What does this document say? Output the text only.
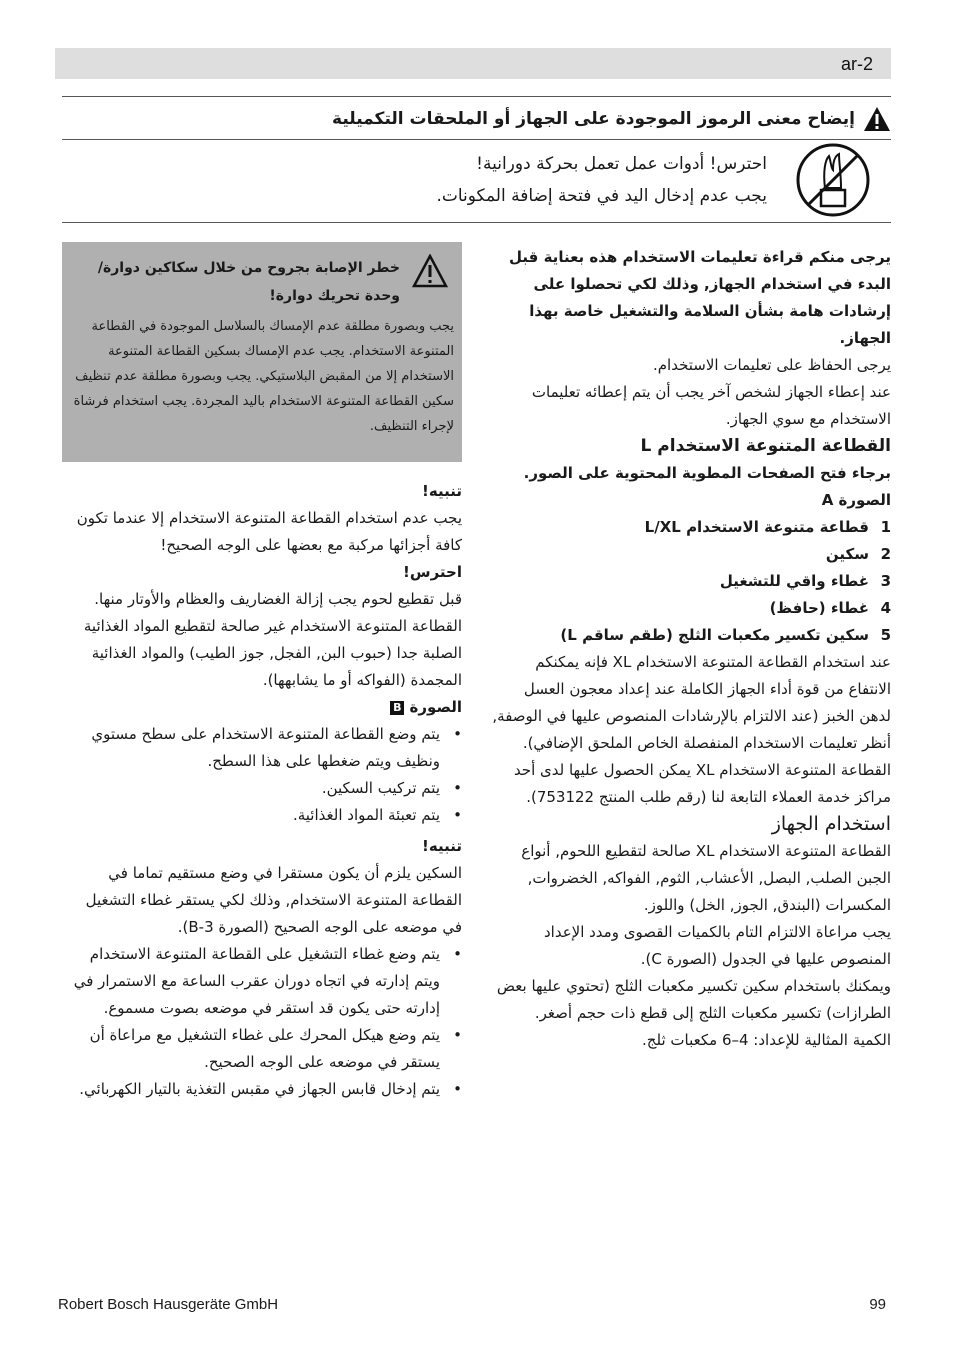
ar-2
إيضاح معنى الرموز الموجودة على الجهاز أو الملحقات التكميلية

احترس! أدوات عمل تعمل بحركة دورانية!

يجب عدم إدخال اليد في فتحة إضافة المكونات.

يرجى منكم قراءة تعليمات الاستخدام هذه بعناية قبل البدء في استخدام الجهاز, وذلك لكي تحصلوا على إرشادات هامة بشأن السلامة والتشغيل خاصة بهذا الجهاز.

يرجى الحفاظ على تعليمات الاستخدام.

عند إعطاء الجهاز لشخص آخر يجب أن يتم إعطائه تعليمات الاستخدام مع سوي الجهاز.

القطاعة المتنوعة الاستخدام L

برجاء فتح الصفحات المطوية المحتوية على الصور.

الصورة A

1
قطاعة متنوعة الاستخدام L/XL
2
سكين
3
غطاء واقي للتشغيل
4
غطاء (حافظ)
5
سكين تكسير مكعبات الثلج (طقم ساقم L)

عند استخدام القطاعة المتنوعة الاستخدام XL فإنه يمكنكم الانتفاع من قوة أداء الجهاز الكاملة عند إعداد معجون العسل لدهن الخبز (عند الالتزام بالإرشادات المنصوص عليها في الوصفة, أنظر تعليمات الاستخدام المنفصلة الخاص الملحق الإضافي).

القطاعة المتنوعة الاستخدام XL يمكن الحصول عليها لدى أحد مراكز خدمة العملاء التابعة لنا (رقم طلب المنتج 753122).

استخدام الجهاز

القطاعة المتنوعة الاستخدام XL صالحة لتقطيع اللحوم, أنواع الجبن الصلب, البصل, الأعشاب, الثوم, الفواكه, الخضروات, المكسرات (البندق, الجوز, الخل) واللوز.

يجب مراعاة الالتزام التام بالكميات القصوى ومدد الإعداد المنصوص عليها في الجدول (الصورة C).

ويمكنك باستخدام سكين تكسير مكعبات الثلج (تحتوي عليها بعض الطرازات) تكسير مكعبات الثلج إلى قطع ذات حجم أصغر. الكمية المثالية للإعداد: 4–6 مكعبات ثلج.

خطر الإصابة بجروح من خلال سكاكين دوارة/وحدة تحريك دوارة!
يجب وبصورة مطلقة عدم الإمساك بالسلاسل الموجودة في القطاعة المتنوعة الاستخدام. يجب عدم الإمساك بسكين القطاعة المتنوعة الاستخدام إلا من المقبض البلاستيكي. يجب وبصورة مطلقة عدم تنظيف سكين القطاعة المتنوعة الاستخدام باليد المجردة. يجب استخدام فرشاة لإجراء التنظيف.

تنبيه!

يجب عدم استخدام القطاعة المتنوعة الاستخدام إلا عندما تكون كافة أجزائها مركبة مع بعضها على الوجه الصحيح!

احترس!

قبل تقطيع لحوم يجب إزالة الغضاريف والعظام والأوتار منها.

القطاعة المتنوعة الاستخدام غير صالحة لتقطيع المواد الغذائية الصلبة جدا (حبوب البن, الفجل, جوز الطيب) والمواد الغذائية المجمدة (الفواكه أو ما يشابهها).

الصورة B

• يتم وضع القطاعة المتنوعة الاستخدام على سطح مستوي ونظيف ويتم ضغطها على هذا السطح.
• يتم تركيب السكين.
• يتم تعبئة المواد الغذائية.

تنبيه!

السكين يلزم أن يكون مستقرا في وضع مستقيم تماما في القطاعة المتنوعة الاستخدام, وذلك لكي يستقر غطاء التشغيل في موضعه على الوجه الصحيح (الصورة 3-B).

• يتم وضع غطاء التشغيل على القطاعة المتنوعة الاستخدام ويتم إدارته في اتجاه دوران عقرب الساعة مع الاستمرار في إدارته حتى يكون قد استقر في موضعه بصوت مسموع.
• يتم وضع هيكل المحرك على غطاء التشغيل مع مراعاة أن يستقر في موضعه على الوجه الصحيح.
• يتم إدخال قابس الجهاز في مقبس التغذية بالتيار الكهربائي.
Robert Bosch Hausgeräte GmbH	99
